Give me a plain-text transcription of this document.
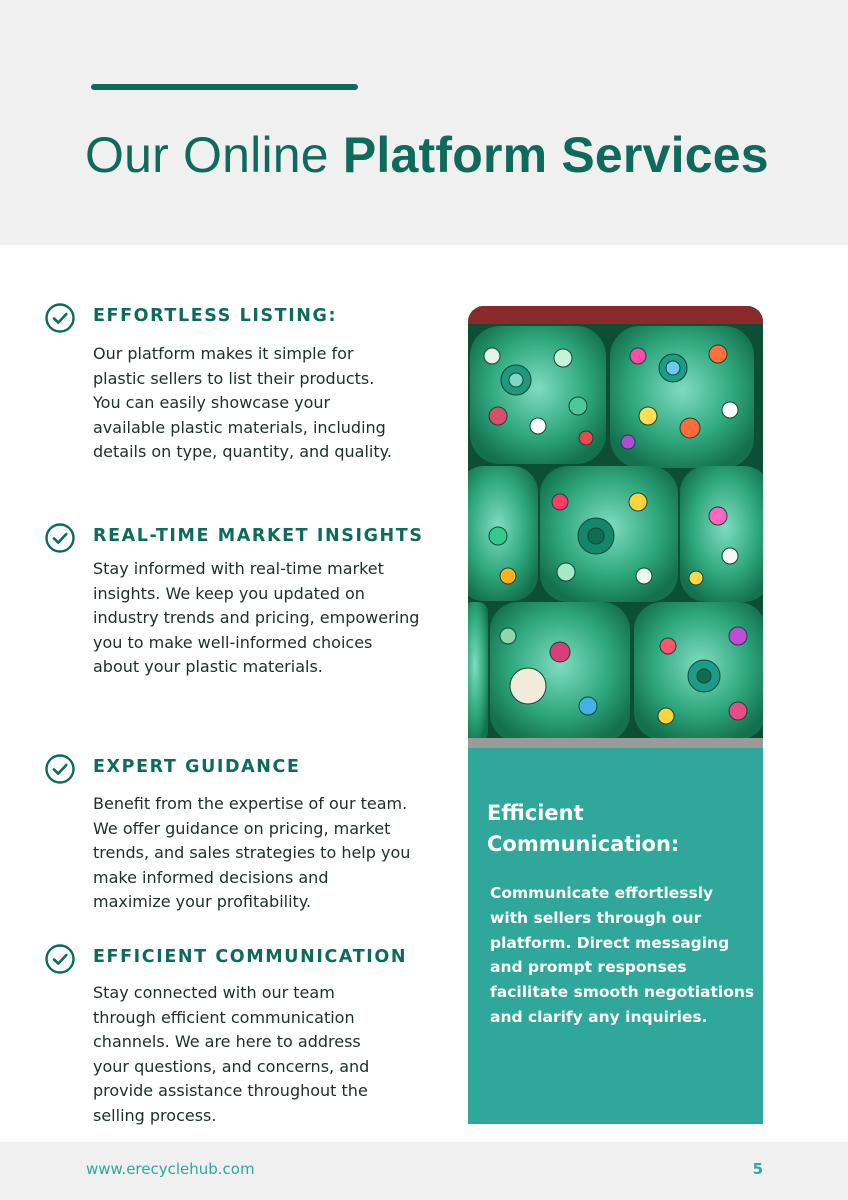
Our Online Platform Services
EFFORTLESS LISTING:
Our platform makes it simple for
plastic sellers to list their products.
You can easily showcase your
available plastic materials, including
details on type, quantity, and quality.
REAL-TIME MARKET INSIGHTS
Stay informed with real-time market
insights. We keep you updated on
industry trends and pricing, empowering
you to make well-informed choices
about your plastic materials.
EXPERT GUIDANCE
Benefit from the expertise of our team.
We offer guidance on pricing, market
trends, and sales strategies to help you
make informed decisions and
maximize your profitability.
EFFICIENT COMMUNICATION
Stay connected with our team
through efficient communication
channels. We are here to address
your questions, and concerns, and
provide assistance throughout the
selling process.
Efficient
Communication:
Communicate effortlessly
with sellers through our
platform. Direct messaging
and prompt responses
facilitate smooth negotiations
and clarify any inquiries.
www.erecyclehub.com	5
